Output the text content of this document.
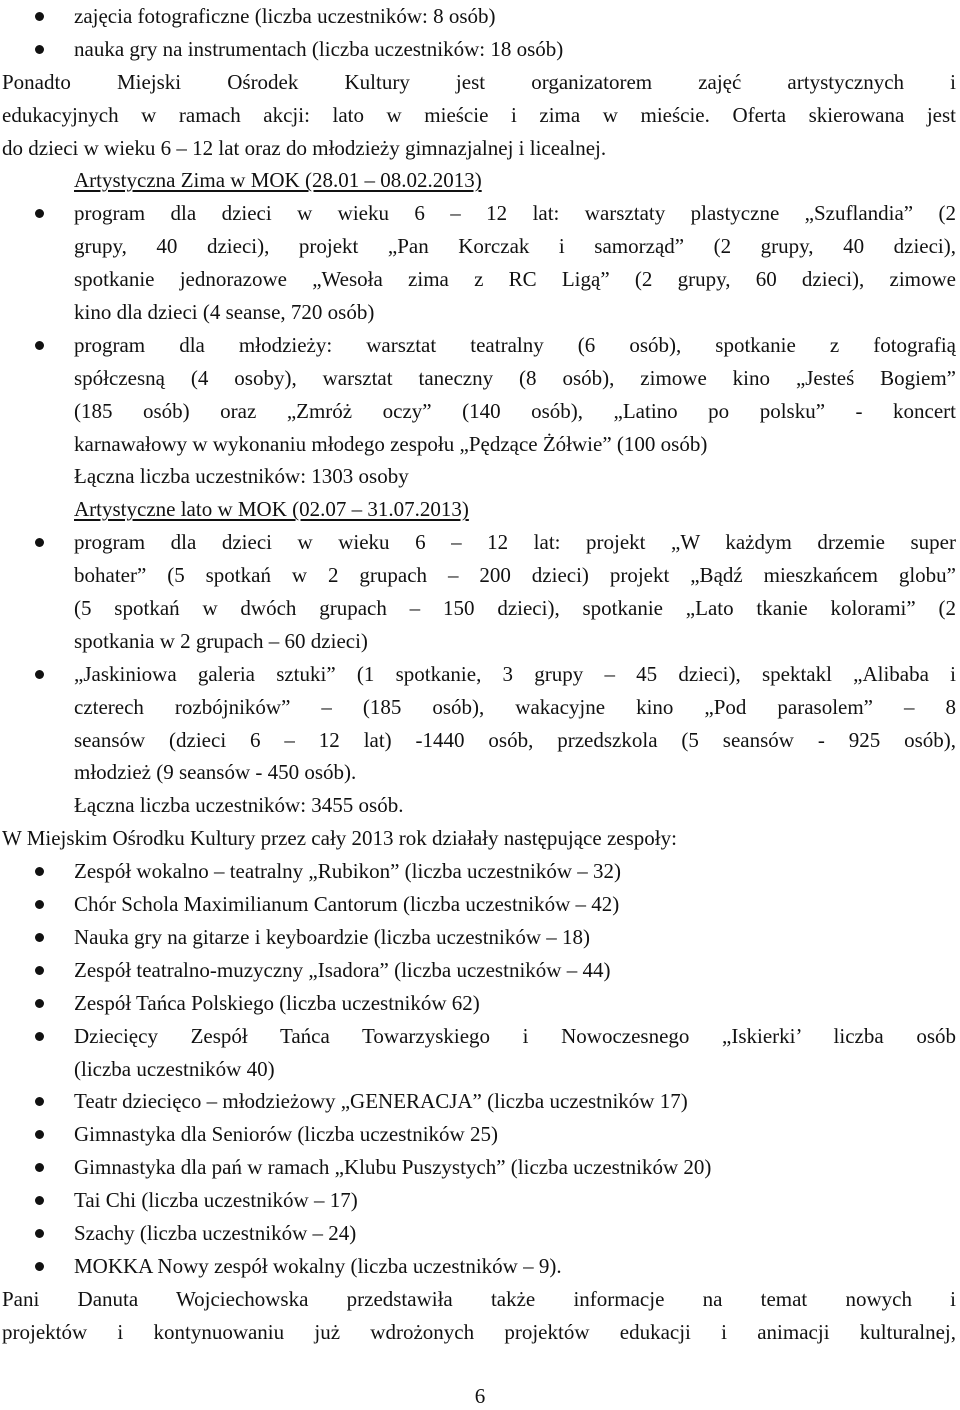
zajęcia fotograficzne (liczba uczestników: 8 osób)
nauka gry na instrumentach (liczba uczestników: 18 osób)
Ponadto Miejski Ośrodek Kultury jest organizatorem zajęć artystycznych i
edukacyjnych w ramach akcji: lato w mieście i zima w mieście. Oferta skierowana jest
do dzieci w wieku 6 – 12 lat oraz do młodzieży gimnazjalnej i licealnej.
Artystyczna Zima w MOK (28.01 – 08.02.2013)
program dla dzieci w wieku 6 – 12 lat: warsztaty plastyczne „Szuflandia” (2
grupy, 40 dzieci), projekt „Pan Korczak i samorząd” (2 grupy, 40 dzieci),
spotkanie jednorazowe „Wesoła zima z RC Ligą” (2 grupy, 60 dzieci), zimowe
kino dla dzieci (4 seanse, 720 osób)
program dla młodzieży: warsztat teatralny (6 osób), spotkanie z fotografią
spółczesną (4 osoby), warsztat taneczny (8 osób), zimowe kino „Jesteś Bogiem”
(185 osób) oraz „Zmróż oczy” (140 osób), „Latino po polsku” - koncert
karnawałowy w wykonaniu młodego zespołu „Pędzące Żółwie” (100 osób)
Łączna liczba uczestników: 1303 osoby
Artystyczne lato w MOK (02.07 – 31.07.2013)
program dla dzieci w wieku 6 – 12 lat: projekt „W każdym drzemie super
bohater” (5 spotkań w 2 grupach – 200 dzieci) projekt „Bądź mieszkańcem globu”
(5 spotkań w dwóch grupach – 150 dzieci), spotkanie „Lato tkanie kolorami” (2
spotkania w 2 grupach – 60 dzieci)
„Jaskiniowa galeria sztuki” (1 spotkanie, 3 grupy – 45 dzieci), spektakl „Alibaba i
czterech rozbójników” – (185 osób), wakacyjne kino „Pod parasolem” – 8
seansów (dzieci 6 – 12 lat) -1440 osób, przedszkola (5 seansów - 925 osób),
młodzież (9 seansów - 450 osób).
Łączna liczba uczestników: 3455 osób.
W Miejskim Ośrodku Kultury przez cały 2013 rok działały następujące zespoły:
Zespół wokalno – teatralny „Rubikon” (liczba uczestników – 32)
Chór Schola Maximilianum Cantorum (liczba uczestników – 42)
Nauka gry na gitarze i keyboardzie (liczba uczestników – 18)
Zespół teatralno-muzyczny „Isadora” (liczba uczestników – 44)
Zespół Tańca Polskiego (liczba uczestników 62)
Dziecięcy Zespół Tańca Towarzyskiego i Nowoczesnego „Iskierki’ liczba osób
(liczba uczestników 40)
Teatr dziecięco – młodzieżowy „GENERACJA” (liczba uczestników 17)
Gimnastyka dla Seniorów (liczba uczestników 25)
Gimnastyka dla pań w ramach „Klubu Puszystych” (liczba uczestników 20)
Tai Chi (liczba uczestników – 17)
Szachy (liczba uczestników – 24)
MOKKA Nowy zespół wokalny (liczba uczestników – 9).
Pani Danuta Wojciechowska przedstawiła także informacje na temat nowych i
projektów i kontynuowaniu już wdrożonych projektów edukacji i animacji kulturalnej,
6
